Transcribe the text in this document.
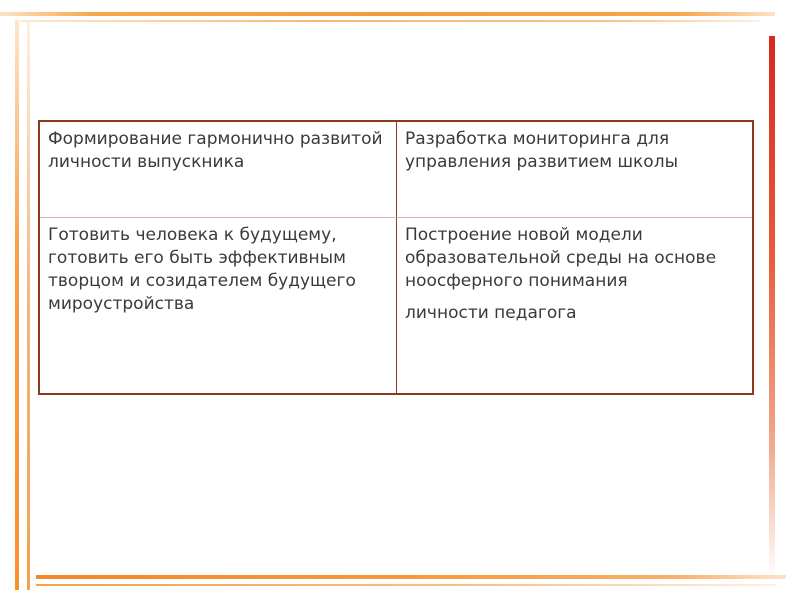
Формирование гармонично развитой личности выпускника

Разработка мониторинга для управления развитием школы

Готовить человека к будущему, готовить его быть эффективным творцом и созидателем будущего мироустройства

Построение новой модели образовательной среды на основе ноосферного понимания

личности педагога
